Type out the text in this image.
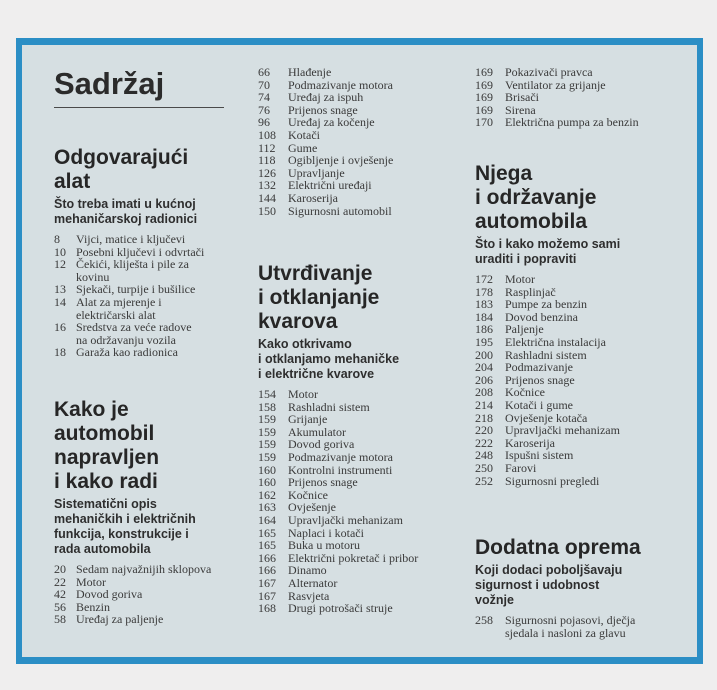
Sadržaj
Odgovarajući
alat
Što treba imati u kućnoj
mehaničarskoj radionici
8	Vijci, matice i ključevi
10 Posebni ključevi i odvrtači
12 Čekići, kliješta i pile za
kovinu
13 Sjekači, turpije i bušilice
14 Alat za mjerenje i
električarski alat
16 Sredstva za veće radove
na održavanju vozila
18 Garaža kao radionica
Kako je
automobil
napravljen
i kako radi
Sistematični opis
mehaničkih i električnih
funkcija, konstrukcije i
rada automobila
20 Sedam najvažnijih sklopova
22 Motor
42 Dovod goriva
56 Benzin
58 Uređaj za paljenje
66	Hlađenje
70	Podmazivanje motora
74	Uređaj za ispuh
76	Prijenos snage
96	Uređaj za kočenje
108	Kotači
112	Gume
118	Ogibljenje i ovješenje
126	Upravljanje
132	Električni uređaji
144	Karoserija
150	Sigurnosni automobil
Utvrđivanje
i otklanjanje
kvarova
Kako otkrivamo
i otklanjamo mehaničke
i električne kvarove
154	Motor
158	Rashladni sistem
159	Grijanje
159	Akumulator
159	Dovod goriva
159	Podmazivanje motora
160	Kontrolni instrumenti
160	Prijenos snage
162	Kočnice
163	Ovješenje
164	Upravljački mehanizam
165	Naplaci i kotači
165	Buka u motoru
166	Električni pokretač i pribor
166	Dinamo
167	Alternator
167	Rasvjeta
168	Drugi potrošači struje
169	Pokazivači pravca
169	Ventilator za grijanje
169	Brisači
169	Sirena
170	Električna pumpa za benzin
Njega
i održavanje
automobila
Što i kako možemo sami
uraditi i popraviti
172	Motor
178	Rasplinjač
183	Pumpe za benzin
184	Dovod benzina
186	Paljenje
195	Električna instalacija
200	Rashladni sistem
204	Podmazivanje
206	Prijenos snage
208	Kočnice
214	Kotači i gume
218	Ovješenje kotača
220	Upravljački mehanizam
222	Karoserija
248	Ispušni sistem
250	Farovi
252	Sigurnosni pregledi
Dodatna oprema
Koji dodaci poboljšavaju
sigurnost i udobnost
vožnje
258	Sigurnosni pojasovi, dječja
sjedala i nasloni za glavu
